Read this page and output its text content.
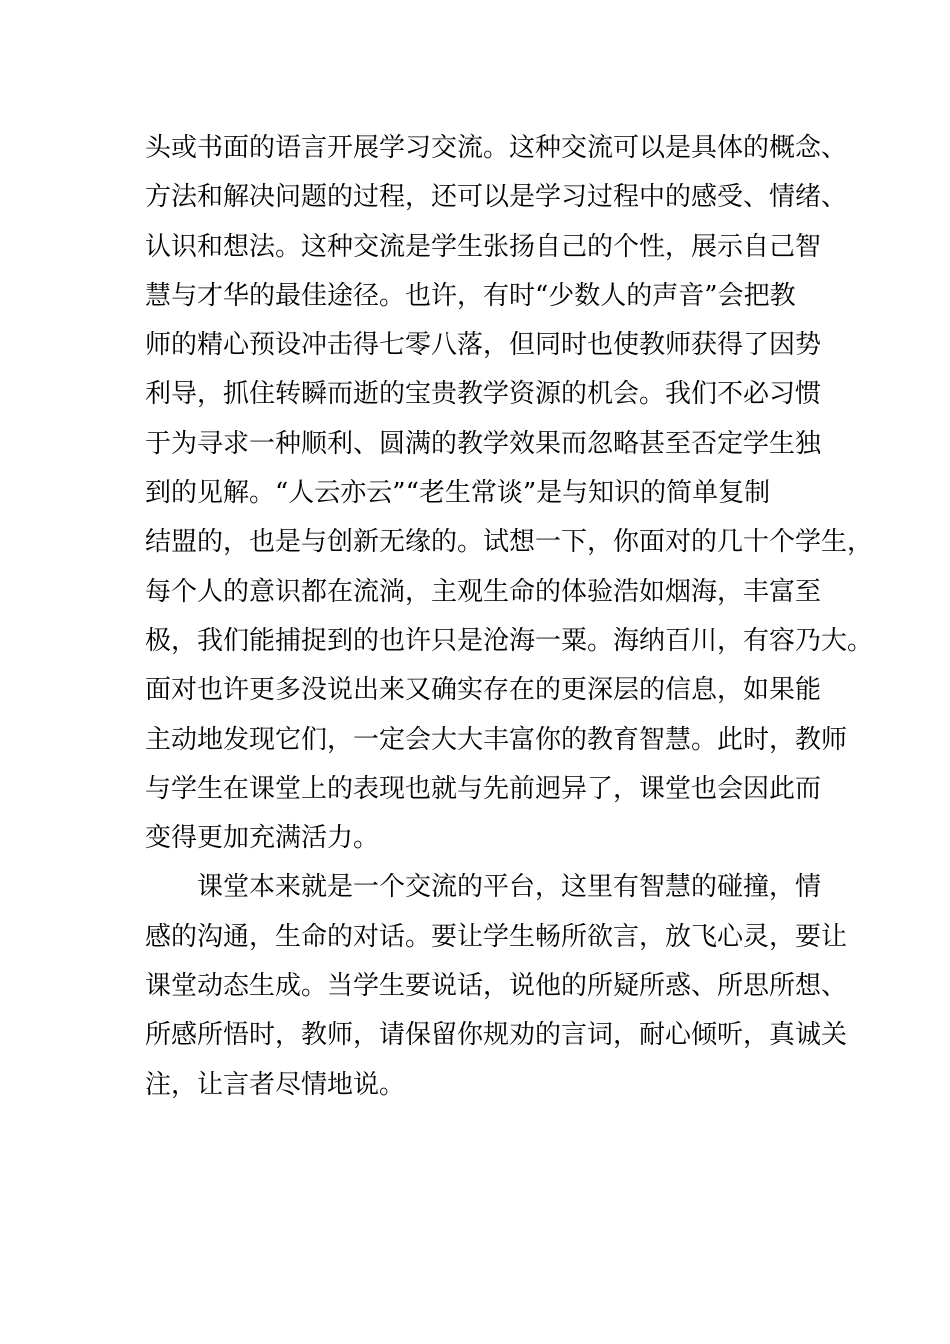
头或书面的语言开展学习交流。这种交流可以是具体的概念、
方法和解决问题的过程，还可以是学习过程中的感受、情绪、
认识和想法。这种交流是学生张扬自己的个性，展示自己智
慧与才华的最佳途径。也许，有时“少数人的声音”会把教
师的精心预设冲击得七零八落，但同时也使教师获得了因势
利导，抓住转瞬而逝的宝贵教学资源的机会。我们不必习惯
于为寻求一种顺利、圆满的教学效果而忽略甚至否定学生独
到的见解。“人云亦云”“老生常谈”是与知识的简单复制
结盟的，也是与创新无缘的。试想一下，你面对的几十个学生，
每个人的意识都在流淌，主观生命的体验浩如烟海，丰富至
极，我们能捕捉到的也许只是沧海一粟。海纳百川，有容乃大。
面对也许更多没说出来又确实存在的更深层的信息，如果能
主动地发现它们，一定会大大丰富你的教育智慧。此时，教师
与学生在课堂上的表现也就与先前迥异了，课堂也会因此而
变得更加充满活力。
课堂本来就是一个交流的平台，这里有智慧的碰撞，情
感的沟通，生命的对话。要让学生畅所欲言，放飞心灵，要让
课堂动态生成。当学生要说话，说他的所疑所惑、所思所想、
所感所悟时，教师，请保留你规劝的言词，耐心倾听，真诚关
注，让言者尽情地说。
